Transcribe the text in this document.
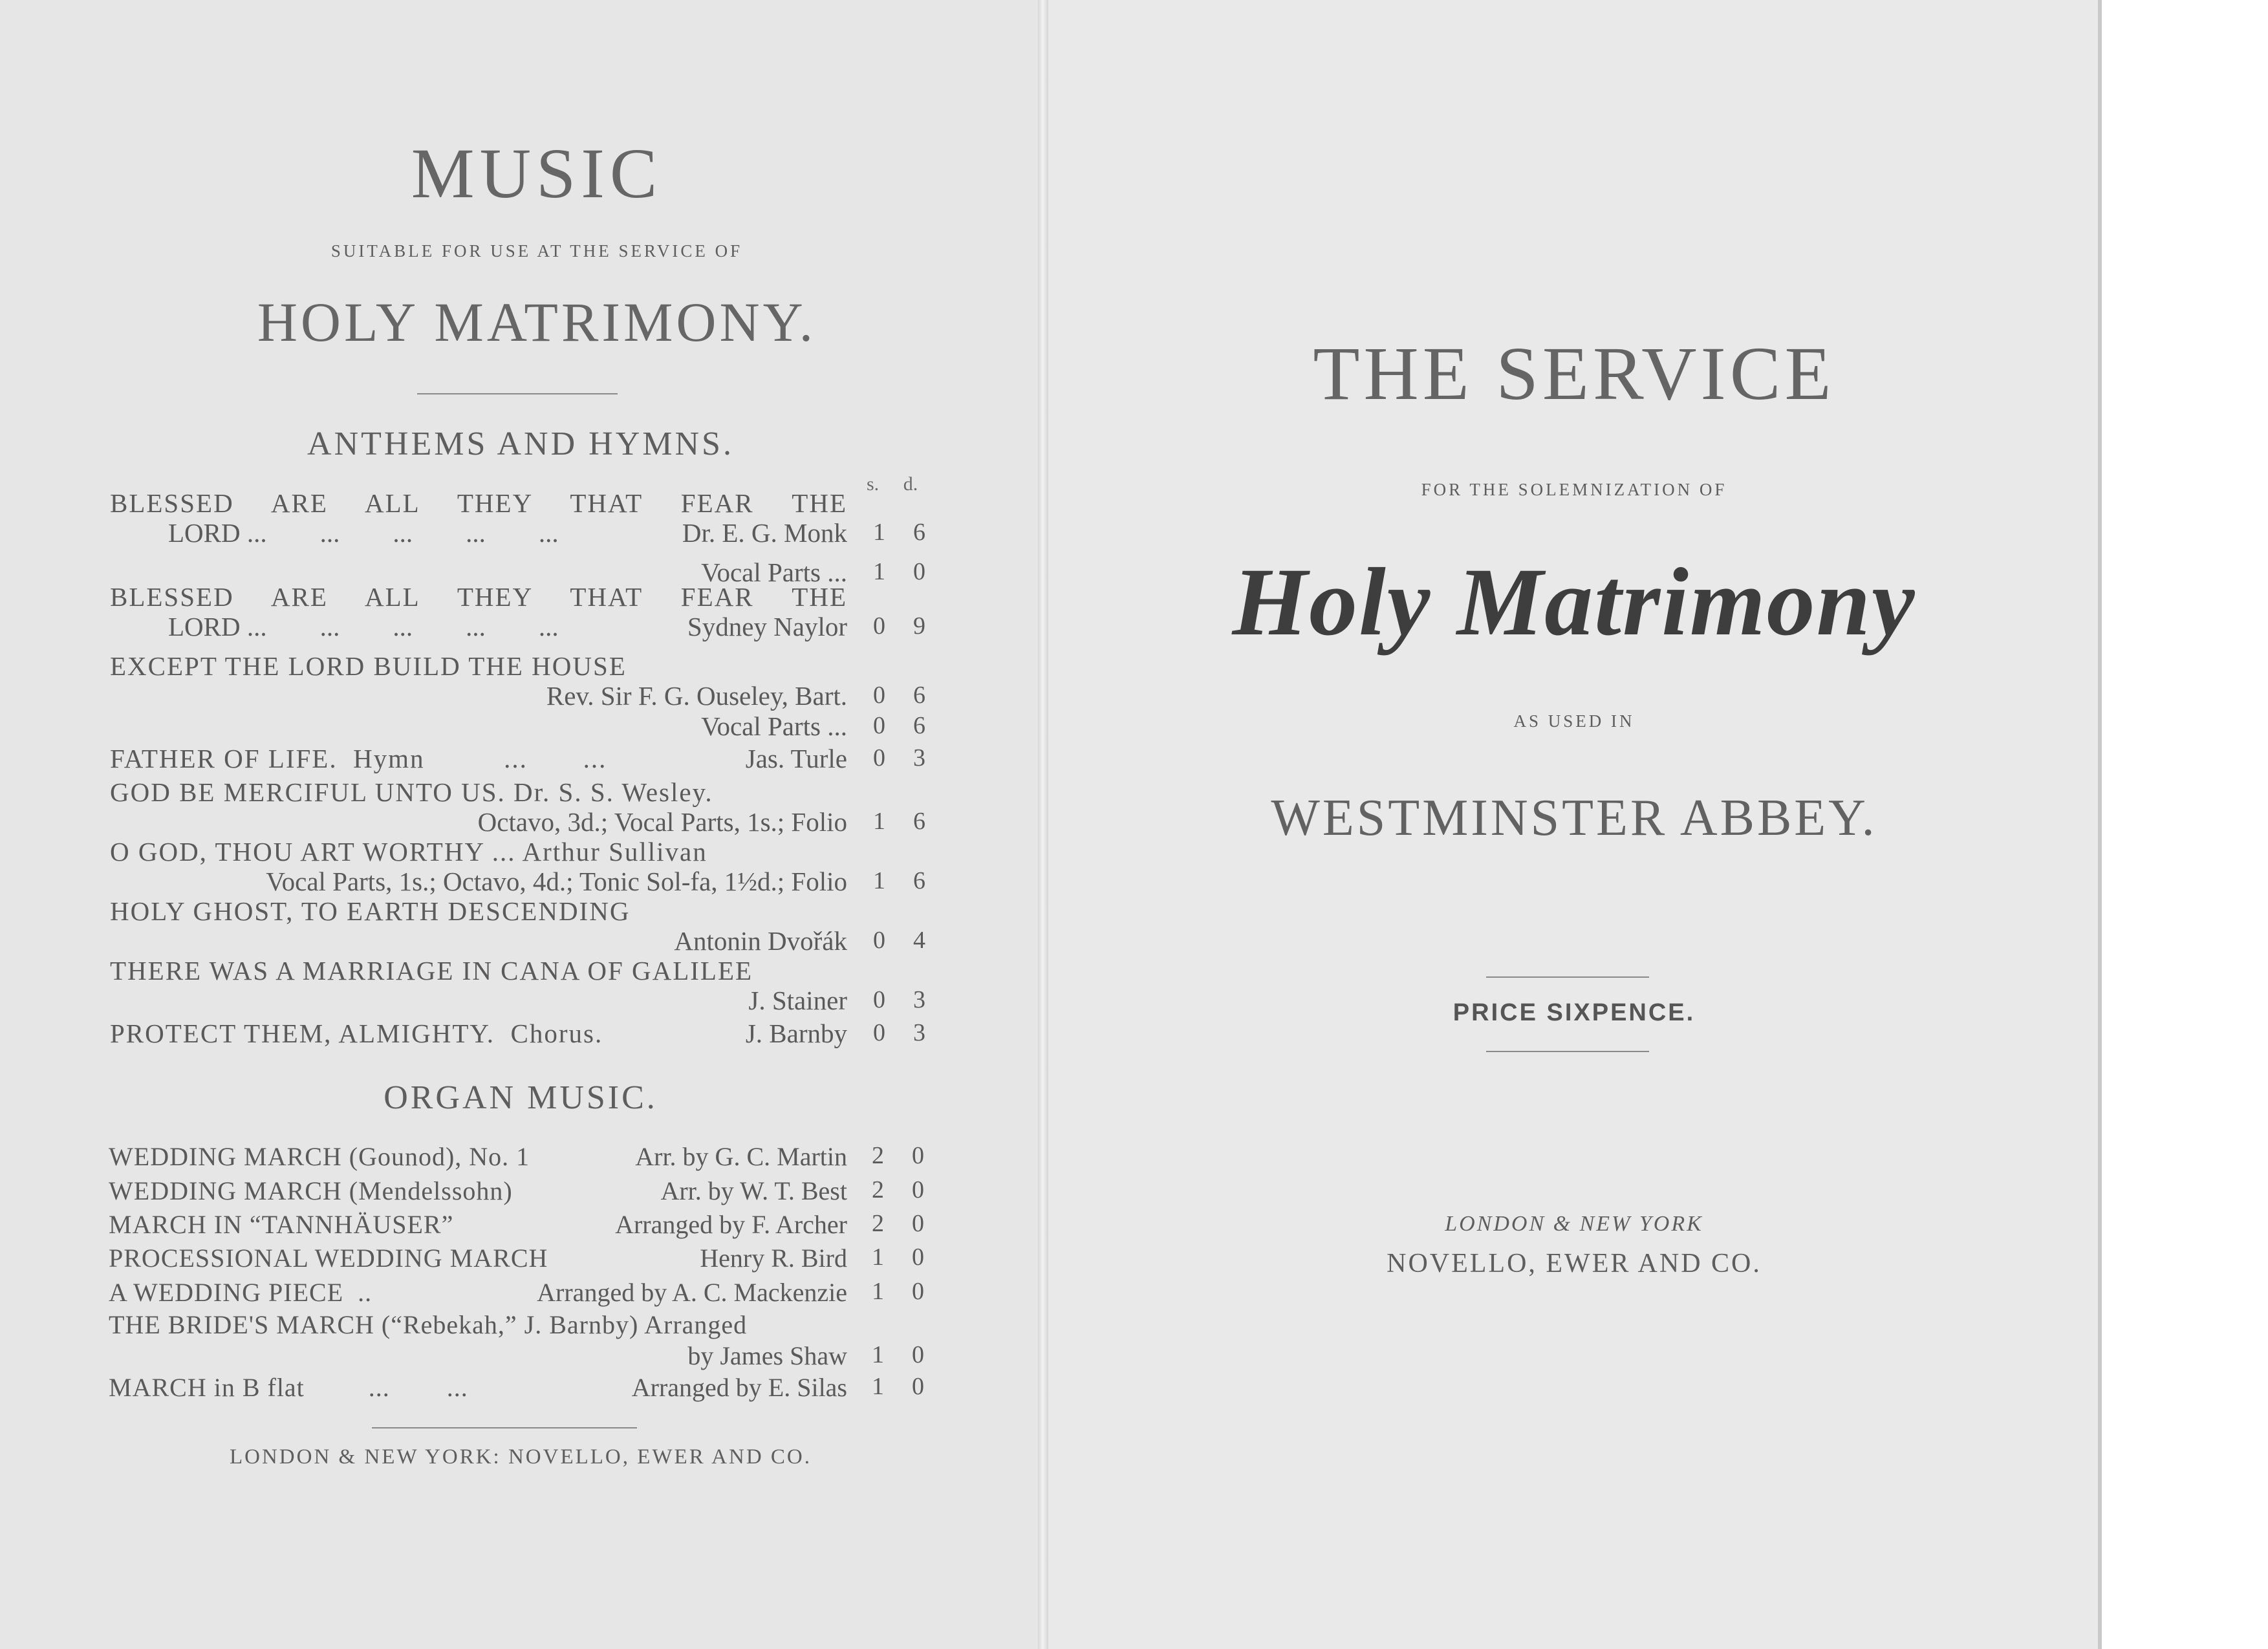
MUSIC
SUITABLE FOR USE AT THE SERVICE OF
HOLY MATRIMONY.
ANTHEMS AND HYMNS.
s. d.
BLESSED ARE ALL THEY THAT FEAR THE
LORD ...        ...        ...        ...        ...	Dr. E. G. Monk 1 6
Vocal Parts ... 1 0
BLESSED ARE ALL THEY THAT FEAR THE
LORD ...        ...        ...        ...        ...	Sydney Naylor 0 9
EXCEPT THE LORD BUILD THE HOUSE
Rev. Sir F. G. Ouseley, Bart. 0 6
Vocal Parts ... 0 6
FATHER OF LIFE.  Hymn          ...       ...	Jas. Turle 0 3
GOD BE MERCIFUL UNTO US. Dr. S. S. Wesley.
Octavo, 3d.; Vocal Parts, 1s.; Folio 1 6
O GOD, THOU ART WORTHY ... Arthur Sullivan
Vocal Parts, 1s.; Octavo, 4d.; Tonic Sol-fa, 1½d.; Folio 1 6
HOLY GHOST, TO EARTH DESCENDING
Antonin Dvořák 0 4
THERE WAS A MARRIAGE IN CANA OF GALILEE
J. Stainer 0 3
PROTECT THEM, ALMIGHTY.  Chorus.	J. Barnby 0 3
ORGAN MUSIC.
WEDDING MARCH (Gounod), No. 1	Arr. by G. C. Martin 2 0
WEDDING MARCH (Mendelssohn)	Arr. by W. T. Best 2 0
MARCH IN “TANNHÄUSER”	Arranged by F. Archer 2 0
PROCESSIONAL WEDDING MARCH	Henry R. Bird 1 0
A WEDDING PIECE  ..	Arranged by A. C. Mackenzie 1 0
THE BRIDE'S MARCH (“Rebekah,” J. Barnby) Arranged
by James Shaw 1 0
MARCH in B flat         ...        ...	Arranged by E. Silas 1 0
LONDON & NEW YORK: NOVELLO, EWER AND CO.
THE SERVICE
FOR THE SOLEMNIZATION OF
Holy Matrimony
AS USED IN
WESTMINSTER ABBEY.
PRICE SIXPENCE.
LONDON & NEW YORK
NOVELLO, EWER AND CO.
